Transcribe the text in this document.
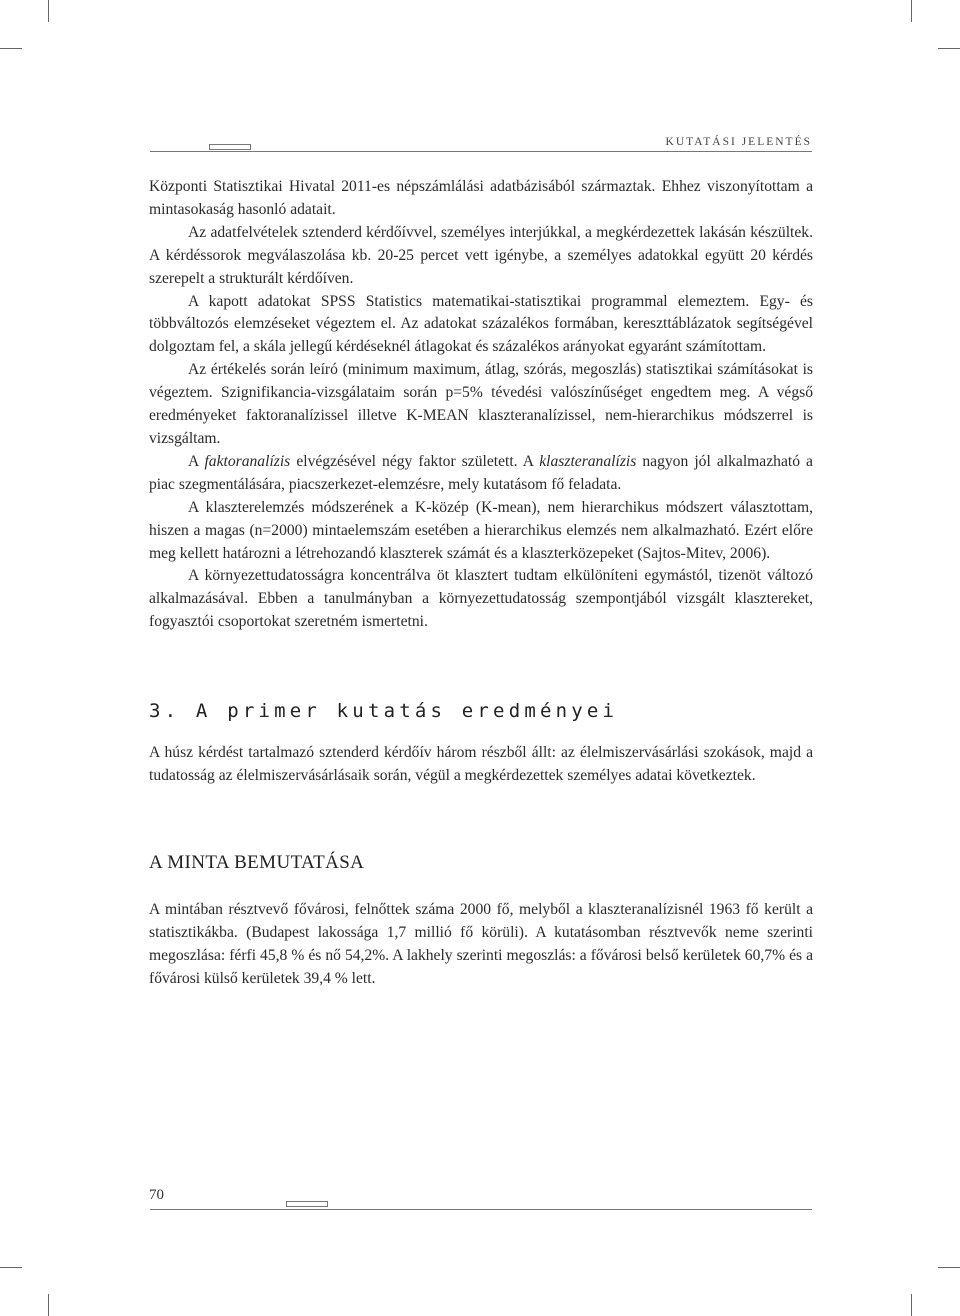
KUTATÁSI JELENTÉS

Központi Statisztikai Hivatal 2011-es népszámlálási adatbázisából származtak. Ehhez viszonyítottam a mintasokaság hasonló adatait.

Az adatfelvételek sztenderd kérdőívvel, személyes interjúkkal, a megkérdezettek lakásán készültek. A kérdéssorok megválaszolása kb. 20-25 percet vett igénybe, a személyes adatokkal együtt 20 kérdés szerepelt a strukturált kérdőíven.

A kapott adatokat SPSS Statistics matematikai-statisztikai programmal elemeztem. Egy- és többváltozós elemzéseket végeztem el. Az adatokat százalékos formában, kereszttáblázatok segítségével dolgoztam fel, a skála jellegű kérdéseknél átlagokat és százalékos arányokat egyaránt számítottam.

Az értékelés során leíró (minimum maximum, átlag, szórás, megoszlás) statisztikai számításokat is végeztem. Szignifikancia-vizsgálataim során p=5% tévedési valószínűséget engedtem meg. A végső eredményeket faktoranalízissel illetve K-MEAN klaszteranalízissel, nem-hierarchikus módszerrel is vizsgáltam.

A faktoranalízis elvégzésével négy faktor született. A klaszteranalízis nagyon jól alkalmazható a piac szegmentálására, piacszerkezet-elemzésre, mely kutatásom fő feladata.

A klaszterelemzés módszerének a K-közép (K-mean), nem hierarchikus módszert választottam, hiszen a magas (n=2000) mintaelemszám esetében a hierarchikus elemzés nem alkalmazható. Ezért előre meg kellett határozni a létrehozandó klaszterek számát és a klaszterközepeket (Sajtos-Mitev, 2006).

A környezettudatosságra koncentrálva öt klasztert tudtam elkülöníteni egymástól, tizenöt változó alkalmazásával. Ebben a tanulmányban a környezettudatosság szempontjából vizsgált klasztereket, fogyasztói csoportokat szeretném ismertetni.

3. A primer kutatás eredményei

A húsz kérdést tartalmazó sztenderd kérdőív három részből állt: az élelmiszervásárlási szokások, majd a tudatosság az élelmiszervásárlásaik során, végül a megkérdezettek személyes adatai következtek.

A MINTA BEMUTATÁSA

A mintában résztvevő fővárosi, felnőttek száma 2000 fő, melyből a klaszteranalízisnél 1963 fő került a statisztikákba. (Budapest lakossága 1,7 millió fő körüli). A kutatásomban résztvevők neme szerinti megoszlása: férfi 45,8 % és nő 54,2%. A lakhely szerinti megoszlás: a fővárosi belső kerületek 60,7% és a fővárosi külső kerületek 39,4 % lett.

70
